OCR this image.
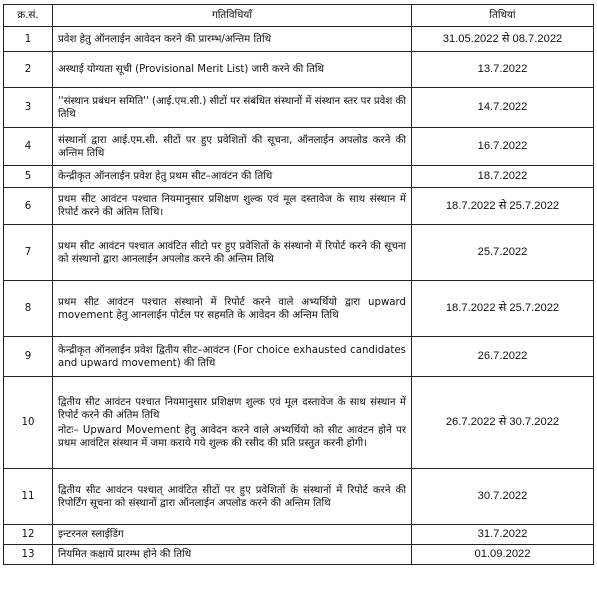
क्र.सं.	गतिविधियाँ	तिथियां
1	प्रवेश हेतु ऑनलाईन आवेदन करने की प्रारम्भ/अन्तिम तिथि	31.05.2022 से 08.7.2022
2	अस्थाई योग्यता सूची (Provisional Merit List) जारी करने की तिथि	13.7.2022
3	''संस्थान प्रबंधन समिति'' (आई.एम.सी.) सीटों पर संबंधित संस्थानों में संस्थान स्तर पर प्रवेश की तिथि	14.7.2022
4	संस्थानों द्वारा आई.एम.सी. सीटों पर हुए प्रवेशितों की सूचना, ऑनलाईन अपलोड करने की अन्तिम तिथि	16.7.2022
5	केन्द्रीकृत ऑनलाईन प्रवेश हेतु प्रथम सीट–आवंटन की तिथि	18.7.2022
6	प्रथम सीट आवंटन पश्चात नियमानुसार प्रशिक्षण शुल्क एवं मूल दस्तावेज के साथ संस्थान में रिपोर्ट करने की अंतिम तिथि।	18.7.2022 से 25.7.2022
7	प्रथम सीट आवंटन पश्चात आवंटित सीटो पर हुए प्रवेशितों के संस्थानो में रिपोर्ट करने की सूचना को संस्थानो द्वारा आनलाईन अपलोड करने की अन्तिम तिथि	25.7.2022
8	प्रथम सीट आवंटन पश्चात संस्थानो में रिपोर्ट करने वाले अभ्यर्थियो द्वारा upward movement हेतु आनलाईन पोर्टल पर सहमति के आवेदन की अन्तिम तिथि	18.7.2022 से 25.7.2022
9	केन्द्रीकृत ऑनलाईन प्रवेश द्वितीय सीट–आवंटन (For choice exhausted candidates and upward movement) की तिथि	26.7.2022
10	द्वितीय सीट आवंटन पश्चात नियमानुसार प्रशिक्षण शुल्क एवं मूल दस्तावेज के साथ संस्थान में रिपोर्ट करने की अंतिम तिथि
नोटः– Upward Movement हेतु आवेदन करने वाले अभ्यर्थियो को सीट आवंटन होने पर प्रथम आवंटित संस्थान में जमा कराये गये शुल्क की रसीद की प्रति प्रस्तुत करनी होगी।	26.7.2022 से 30.7.2022
11	द्वितीय सीट आवंटन पश्चात् आवंटित सीटों पर हुए प्रवेशितों के संस्थानों में रिपोर्ट करने की रिपोर्टिंग सूचना को संस्थानों द्वारा ऑनलाईन अपलोड करने की अन्तिम तिथि	30.7.2022
12	इन्टरनल स्लाईडिंग	31.7.2022
13	नियमित कक्षायें प्रारम्भ होने की तिथि	01.09.2022
